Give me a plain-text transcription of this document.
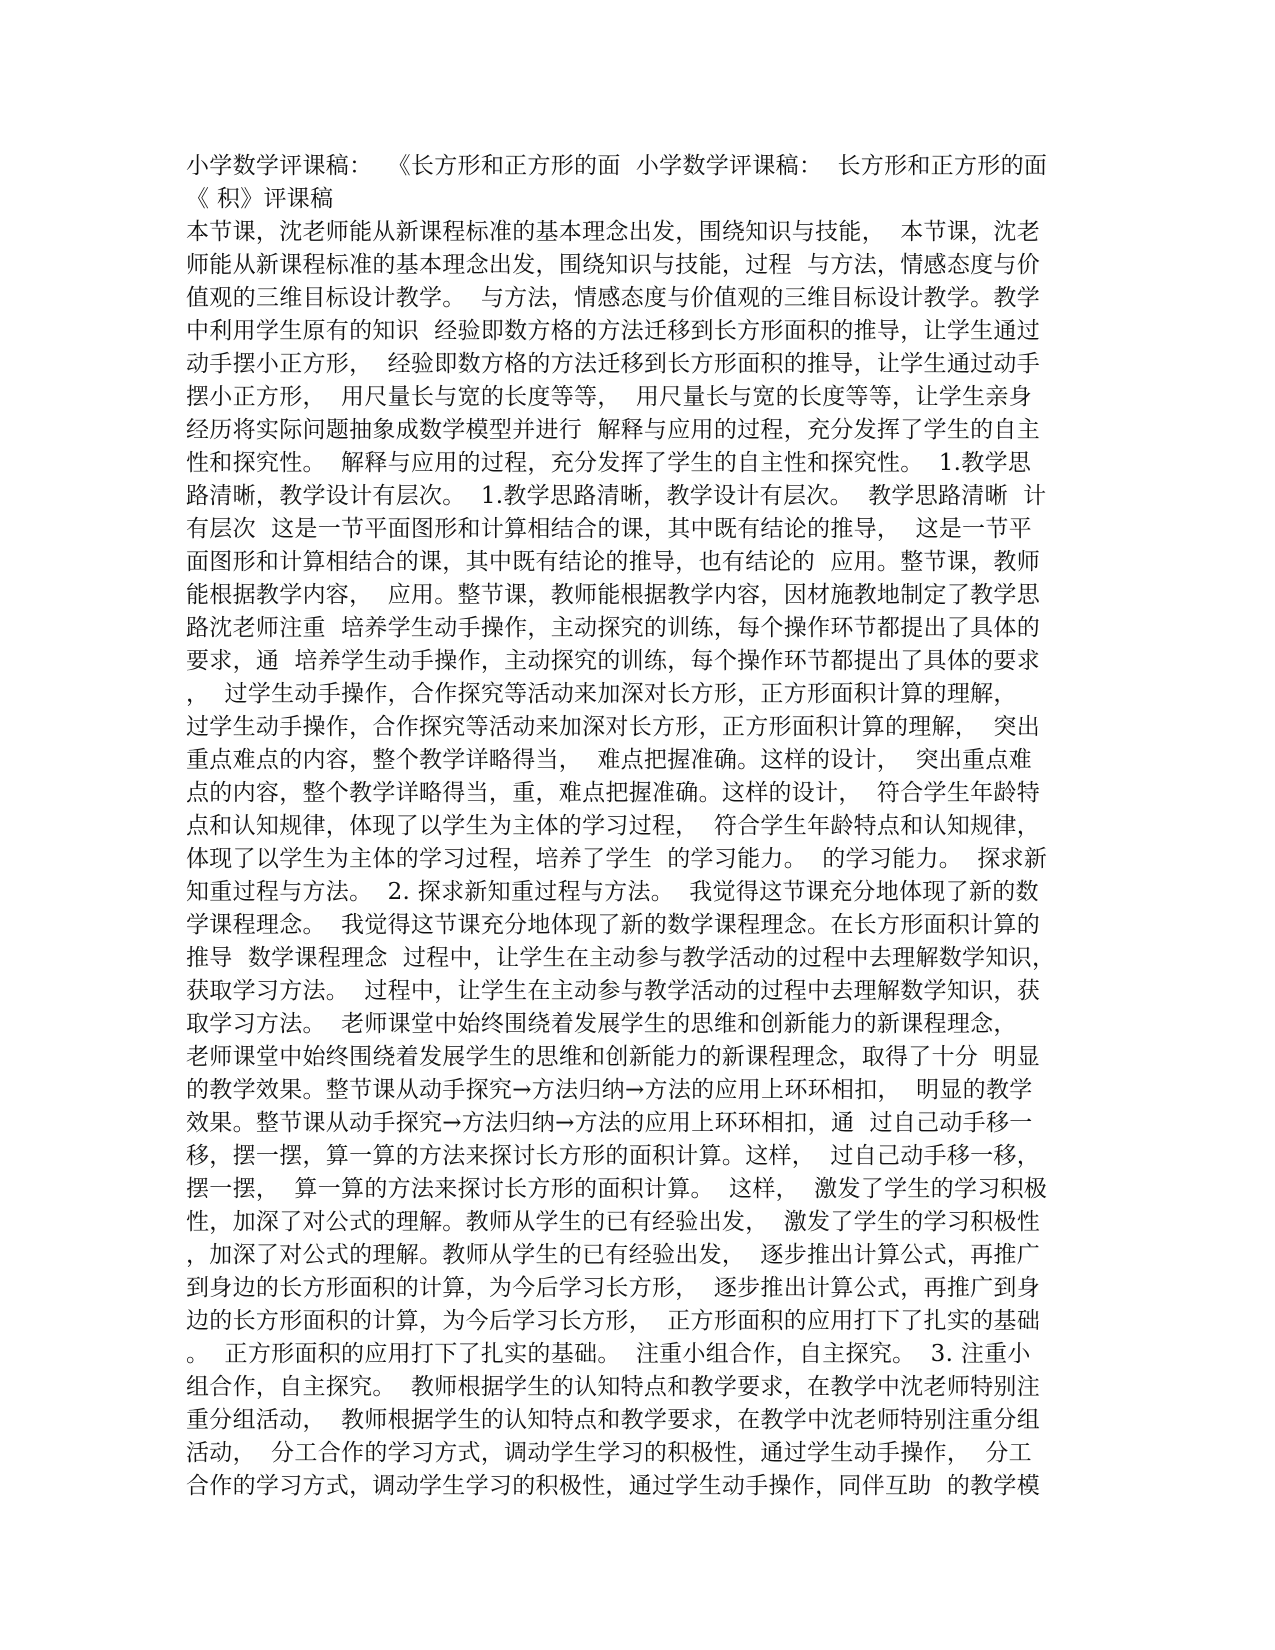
小学数学评课稿：  《长方形和正方形的面  小学数学评课稿：  长方形和正方形的面
《 积》评课稿
本节课，沈老师能从新课程标准的基本理念出发，围绕知识与技能，  本节课，沈老
师能从新课程标准的基本理念出发，围绕知识与技能，过程  与方法，情感态度与价
值观的三维目标设计教学。  与方法，情感态度与价值观的三维目标设计教学。教学
中利用学生原有的知识  经验即数方格的方法迁移到长方形面积的推导，让学生通过
动手摆小正方形，  经验即数方格的方法迁移到长方形面积的推导，让学生通过动手
摆小正方形，  用尺量长与宽的长度等等，  用尺量长与宽的长度等等，让学生亲身
经历将实际问题抽象成数学模型并进行  解释与应用的过程，充分发挥了学生的自主
性和探究性。  解释与应用的过程，充分发挥了学生的自主性和探究性。  1.教学思
路清晰，教学设计有层次。  1.教学思路清晰，教学设计有层次。  教学思路清晰  计
有层次  这是一节平面图形和计算相结合的课，其中既有结论的推导，  这是一节平
面图形和计算相结合的课，其中既有结论的推导，也有结论的  应用。整节课，教师
能根据教学内容，  应用。整节课，教师能根据教学内容，因材施教地制定了教学思
路沈老师注重  培养学生动手操作，主动探究的训练，每个操作环节都提出了具体的
要求，通  培养学生动手操作，主动探究的训练，每个操作环节都提出了具体的要求
，  过学生动手操作，合作探究等活动来加深对长方形，正方形面积计算的理解，
过学生动手操作，合作探究等活动来加深对长方形，正方形面积计算的理解，  突出
重点难点的内容，整个教学详略得当，  难点把握准确。这样的设计，  突出重点难
点的内容，整个教学详略得当，重，难点把握准确。这样的设计，  符合学生年龄特
点和认知规律，体现了以学生为主体的学习过程，  符合学生年龄特点和认知规律，
体现了以学生为主体的学习过程，培养了学生  的学习能力。  的学习能力。  探求新
知重过程与方法。  2. 探求新知重过程与方法。  我觉得这节课充分地体现了新的数
学课程理念。  我觉得这节课充分地体现了新的数学课程理念。在长方形面积计算的
推导  数学课程理念  过程中，让学生在主动参与教学活动的过程中去理解数学知识，
获取学习方法。  过程中，让学生在主动参与教学活动的过程中去理解数学知识，获
取学习方法。  老师课堂中始终围绕着发展学生的思维和创新能力的新课程理念，
老师课堂中始终围绕着发展学生的思维和创新能力的新课程理念，取得了十分  明显
的教学效果。整节课从动手探究→方法归纳→方法的应用上环环相扣，  明显的教学
效果。整节课从动手探究→方法归纳→方法的应用上环环相扣，通  过自己动手移一
移，摆一摆，算一算的方法来探讨长方形的面积计算。这样，  过自己动手移一移，
摆一摆，  算一算的方法来探讨长方形的面积计算。  这样，  激发了学生的学习积极
性，加深了对公式的理解。教师从学生的已有经验出发，  激发了学生的学习积极性
，加深了对公式的理解。教师从学生的已有经验出发，  逐步推出计算公式，再推广
到身边的长方形面积的计算，为今后学习长方形，  逐步推出计算公式，再推广到身
边的长方形面积的计算，为今后学习长方形，  正方形面积的应用打下了扎实的基础
。  正方形面积的应用打下了扎实的基础。  注重小组合作，自主探究。  3. 注重小
组合作，自主探究。  教师根据学生的认知特点和教学要求，在教学中沈老师特别注
重分组活动，  教师根据学生的认知特点和教学要求，在教学中沈老师特别注重分组
活动，  分工合作的学习方式，调动学生学习的积极性，通过学生动手操作，  分工
合作的学习方式，调动学生学习的积极性，通过学生动手操作，同伴互助  的教学模
